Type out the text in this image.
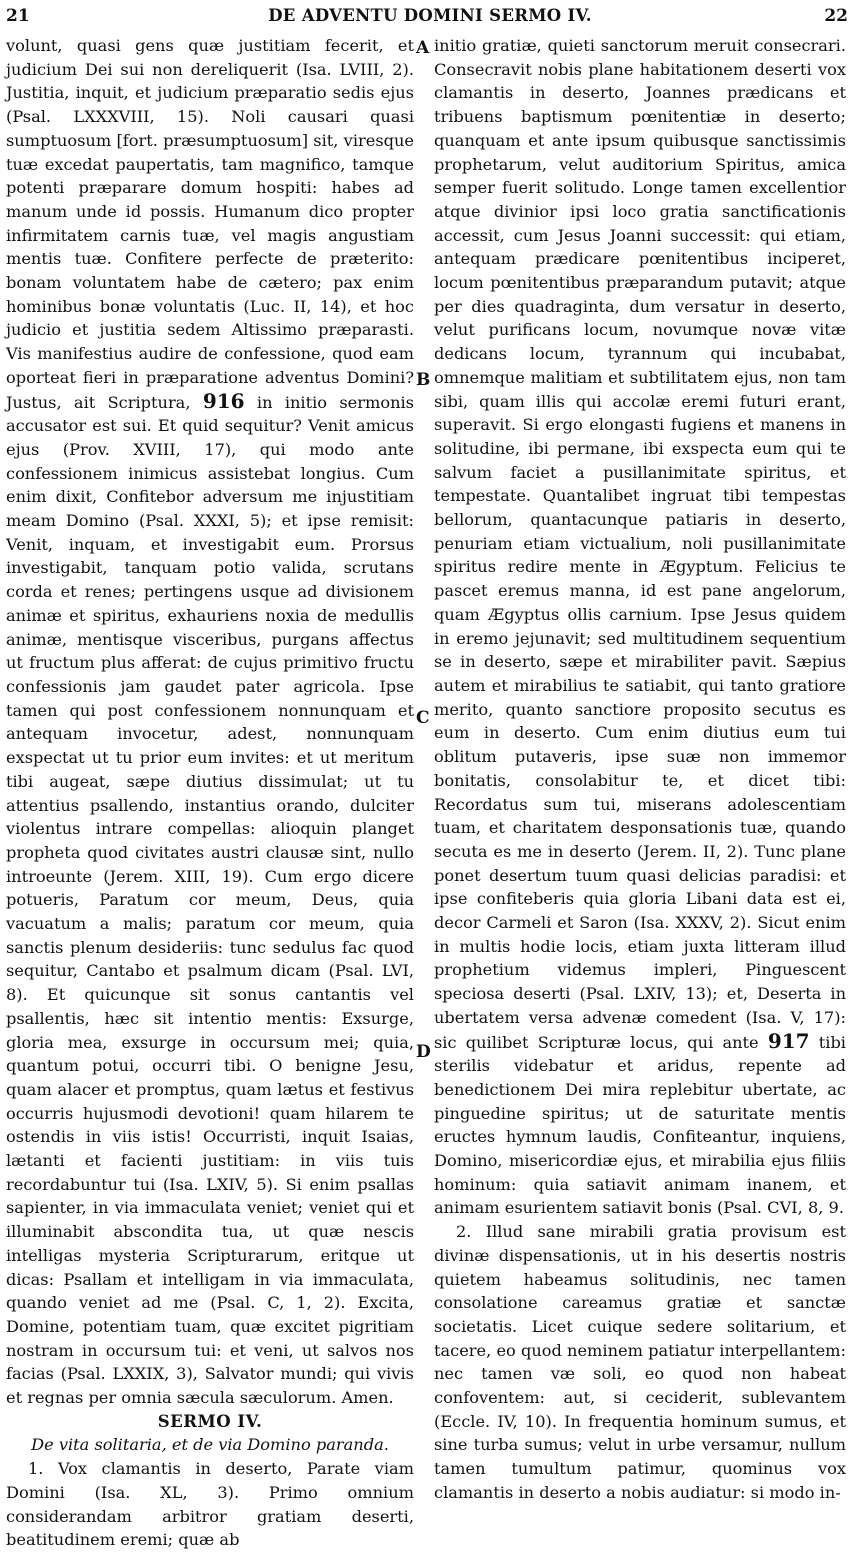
21	DE ADVENTU DOMINI SERMO IV.	22
A
B
C
D

volunt, quasi gens quæ justitiam fecerit, et judicium Dei sui non dereliquerit (Isa. LVIII, 2). Justitia, inquit, et judicium præparatio sedis ejus (Psal. LXXXVIII, 15). Noli causari quasi sumptuosum [fort. præsumptuosum] sit, viresque tuæ excedat paupertatis, tam magnifico, tamque potenti præparare domum hospiti: habes ad manum unde id possis. Humanum dico propter infirmitatem carnis tuæ, vel magis angustiam mentis tuæ. Confitere perfecte de præterito: bonam voluntatem habe de cætero; pax enim hominibus bonæ voluntatis (Luc. II, 14), et hoc judicio et justitia sedem Altissimo præparasti. Vis manifestius audire de confessione, quod eam oporteat fieri in præparatione adventus Domini? Justus, ait Scriptura, 916 in initio sermonis accusator est sui. Et quid sequitur? Venit amicus ejus (Prov. XVIII, 17), qui modo ante confessionem inimicus assistebat longius. Cum enim dixit, Confitebor adversum me injustitiam meam Domino (Psal. XXXI, 5); et ipse remisit: Venit, inquam, et investigabit eum. Prorsus investigabit, tanquam potio valida, scrutans corda et renes; pertingens usque ad divisionem animæ et spiritus, exhauriens noxia de medullis animæ, mentisque visceribus, purgans affectus ut fructum plus afferat: de cujus primitivo fructu confessionis jam gaudet pater agricola. Ipse tamen qui post confessionem nonnunquam et antequam invocetur, adest, nonnunquam exspectat ut tu prior eum invites: et ut meritum tibi augeat, sæpe diutius dissimulat; ut tu attentius psallendo, instantius orando, dulciter violentus intrare compellas: alioquin planget propheta quod civitates austri clausæ sint, nullo introeunte (Jerem. XIII, 19). Cum ergo dicere potueris, Paratum cor meum, Deus, quia vacuatum a malis; paratum cor meum, quia sanctis plenum desideriis: tunc sedulus fac quod sequitur, Cantabo et psalmum dicam (Psal. LVI, 8). Et quicunque sit sonus cantantis vel psallentis, hæc sit intentio mentis: Exsurge, gloria mea, exsurge in occursum mei; quia, quantum potui, occurri tibi. O benigne Jesu, quam alacer et promptus, quam lætus et festivus occurris hujusmodi devotioni! quam hilarem te ostendis in viis istis! Occurristi, inquit Isaias, lætanti et facienti justitiam: in viis tuis recordabuntur tui (Isa. LXIV, 5). Si enim psallas sapienter, in via immaculata veniet; veniet qui et illuminabit abscondita tua, ut quæ nescis intelligas mysteria Scripturarum, eritque ut dicas: Psallam et intelligam in via immaculata, quando veniet ad me (Psal. C, 1, 2). Excita, Domine, potentiam tuam, quæ excitet pigritiam nostram in occursum tui: et veni, ut salvos nos facias (Psal. LXXIX, 3), Salvator mundi; qui vivis et regnas per omnia sæcula sæculorum. Amen.

SERMO IV.

De vita solitaria, et de via Domino paranda.

1. Vox clamantis in deserto, Parate viam Domini (Isa. XL, 3). Primo omnium considerandam arbitror gratiam deserti, beatitudinem eremi; quæ ab

initio gratiæ, quieti sanctorum meruit consecrari. Consecravit nobis plane habitationem deserti vox clamantis in deserto, Joannes prædicans et tribuens baptismum pœnitentiæ in deserto; quanquam et ante ipsum quibusque sanctissimis prophetarum, velut auditorium Spiritus, amica semper fuerit solitudo. Longe tamen excellentior atque divinior ipsi loco gratia sanctificationis accessit, cum Jesus Joanni successit: qui etiam, antequam prædicare pœnitentibus inciperet, locum pœnitentibus præparandum putavit; atque per dies quadraginta, dum versatur in deserto, velut purificans locum, novumque novæ vitæ dedicans locum, tyrannum qui incubabat, omnemque malitiam et subtilitatem ejus, non tam sibi, quam illis qui accolæ eremi futuri erant, superavit. Si ergo elongasti fugiens et manens in solitudine, ibi permane, ibi exspecta eum qui te salvum faciet a pusillanimitate spiritus, et tempestate. Quantalibet ingruat tibi tempestas bellorum, quantacunque patiaris in deserto, penuriam etiam victualium, noli pusillanimitate spiritus redire mente in Ægyptum. Felicius te pascet eremus manna, id est pane angelorum, quam Ægyptus ollis carnium. Ipse Jesus quidem in eremo jejunavit; sed multitudinem sequentium se in deserto, sæpe et mirabiliter pavit. Sæpius autem et mirabilius te satiabit, qui tanto gratiore merito, quanto sanctiore proposito secutus es eum in deserto. Cum enim diutius eum tui oblitum putaveris, ipse suæ non immemor bonitatis, consolabitur te, et dicet tibi: Recordatus sum tui, miserans adolescentiam tuam, et charitatem desponsationis tuæ, quando secuta es me in deserto (Jerem. II, 2). Tunc plane ponet desertum tuum quasi delicias paradisi: et ipse confiteberis quia gloria Libani data est ei, decor Carmeli et Saron (Isa. XXXV, 2). Sicut enim in multis hodie locis, etiam juxta litteram illud prophetium videmus impleri, Pinguescent speciosa deserti (Psal. LXIV, 13); et, Deserta in ubertatem versa advenæ comedent (Isa. V, 17): sic quilibet Scripturæ locus, qui ante 917 tibi sterilis videbatur et aridus, repente ad benedictionem Dei mira replebitur ubertate, ac pinguedine spiritus; ut de saturitate mentis eructes hymnum laudis, Confiteantur, inquiens, Domino, misericordiæ ejus, et mirabilia ejus filiis hominum: quia satiavit animam inanem, et animam esurientem satiavit bonis (Psal. CVI, 8, 9.

2. Illud sane mirabili gratia provisum est divinæ dispensationis, ut in his desertis nostris quietem habeamus solitudinis, nec tamen consolatione careamus gratiæ et sanctæ societatis. Licet cuique sedere solitarium, et tacere, eo quod neminem patiatur interpellantem: nec tamen væ soli, eo quod non habeat confoventem: aut, si ceciderit, sublevantem (Eccle. IV, 10). In frequentia hominum sumus, et sine turba sumus; velut in urbe versamur, nullum tamen tumultum patimur, quominus vox clamantis in deserto a nobis audiatur: si modo in-
